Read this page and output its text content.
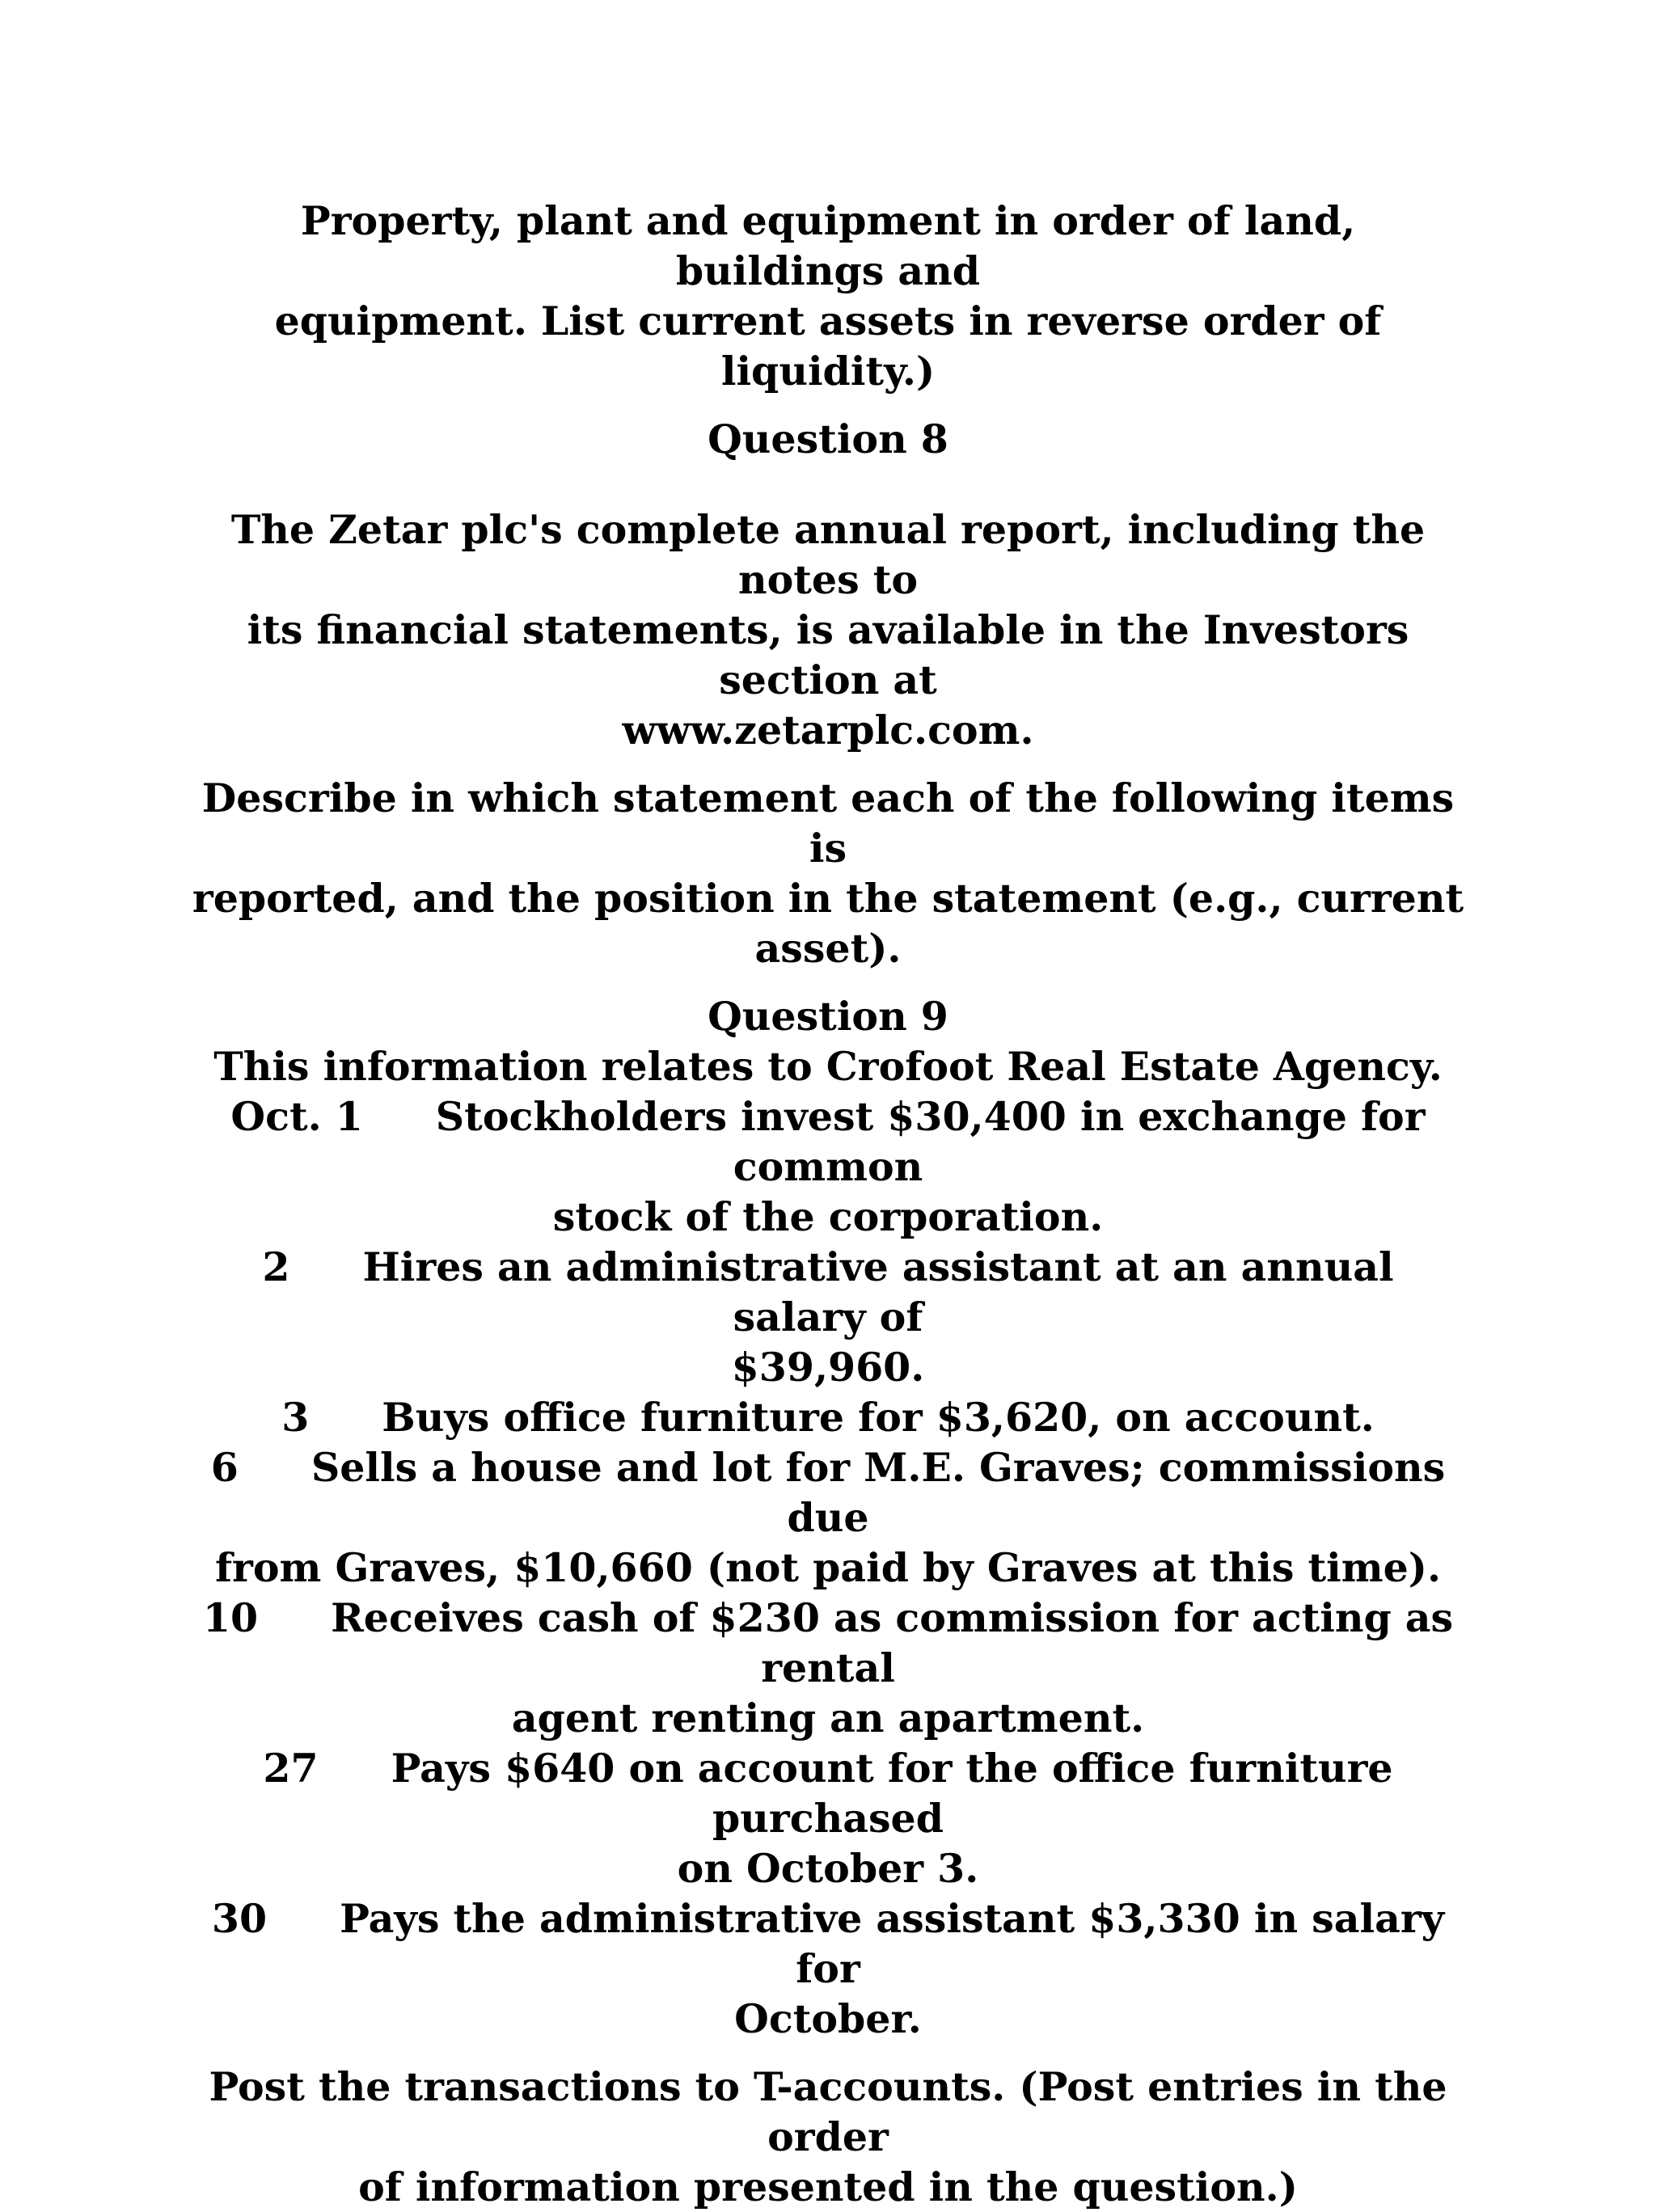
Property, plant and equipment in order of land, buildings and
equipment. List current assets in reverse order of liquidity.)

Question 8

The Zetar plc's complete annual report, including the notes to
its financial statements, is available in the Investors section at
www.zetarplc.com.

Describe in which statement each of the following items is
reported, and the position in the statement (e.g., current asset).

Question 9

This information relates to Crofoot Real Estate Agency.

Oct. 1 Stockholders invest $30,400 in exchange for common
stock of the corporation.

2 Hires an administrative assistant at an annual salary of
$39,960.

3 Buys office furniture for $3,620, on account.

6 Sells a house and lot for M.E. Graves; commissions due
from Graves, $10,660 (not paid by Graves at this time).

10 Receives cash of $230 as commission for acting as rental
agent renting an apartment.

27 Pays $640 on account for the office furniture purchased
on October 3.

30 Pays the administrative assistant $3,330 in salary for
October.

Post the transactions to T-accounts. (Post entries in the order
of information presented in the question.)
